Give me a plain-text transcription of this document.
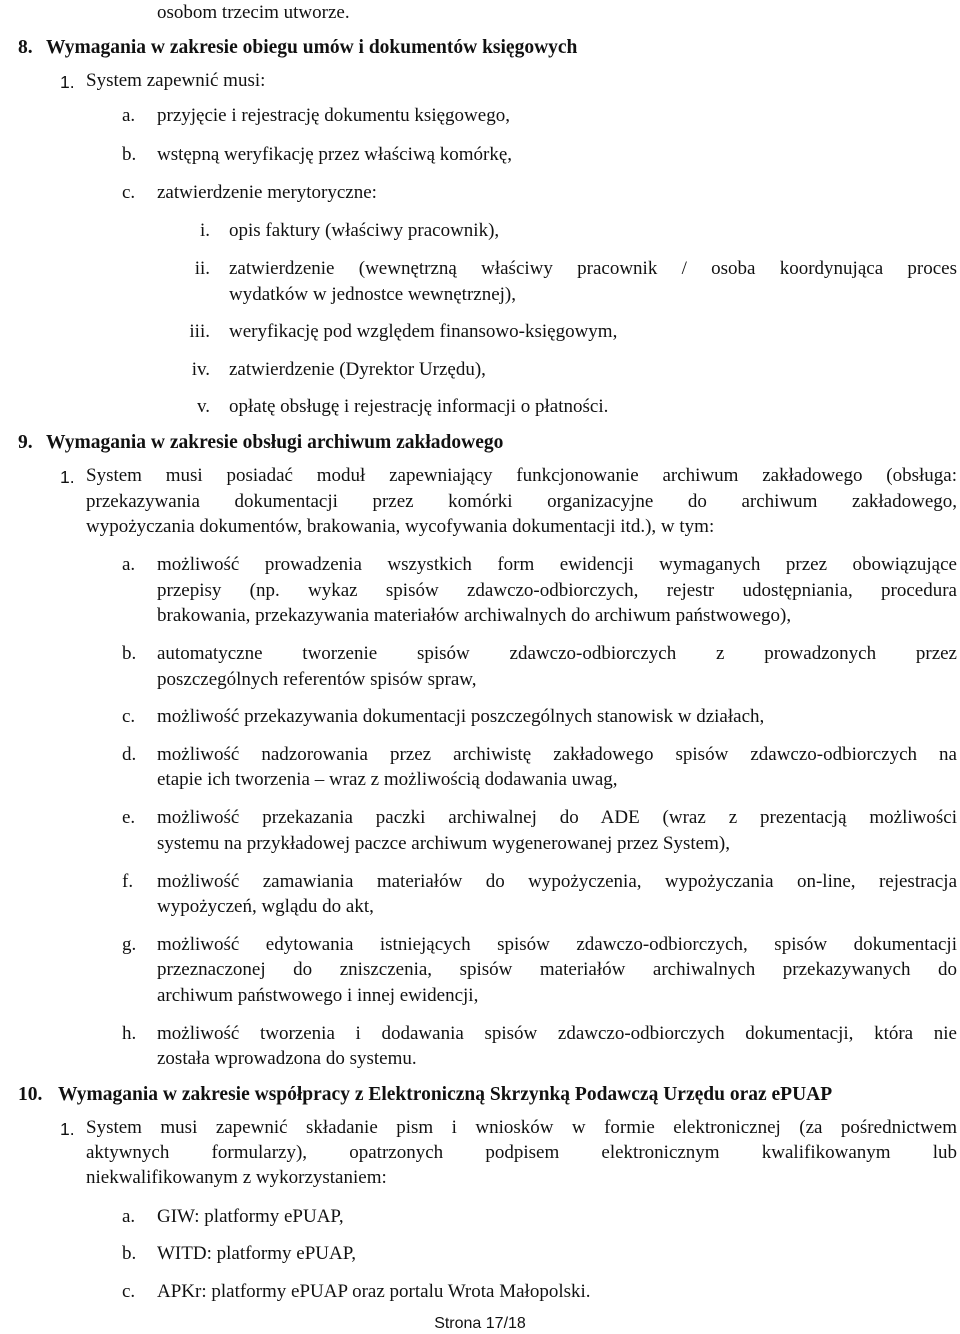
osobom trzecim utworze.
8. Wymagania w zakresie obiegu umów i dokumentów księgowych
1. System zapewnić musi:
a. przyjęcie i rejestrację dokumentu księgowego,
b. wstępną weryfikację przez właściwą komórkę,
c. zatwierdzenie merytoryczne:
i. opis faktury (właściwy pracownik),
ii. zatwierdzenie (wewnętrzną właściwy pracownik / osoba koordynująca proces
wydatków w jednostce wewnętrznej),
iii. weryfikację pod względem finansowo-księgowym,
iv. zatwierdzenie (Dyrektor Urzędu),
v. opłatę obsługę i rejestrację informacji o płatności.
9. Wymagania w zakresie obsługi archiwum zakładowego
1. System musi posiadać moduł zapewniający funkcjonowanie archiwum zakładowego (obsługa:
przekazywania dokumentacji przez komórki organizacyjne do archiwum zakładowego,
wypożyczania dokumentów, brakowania, wycofywania dokumentacji itd.), w tym:
a. możliwość prowadzenia wszystkich form ewidencji wymaganych przez obowiązujące
przepisy (np. wykaz spisów zdawczo-odbiorczych, rejestr udostępniania, procedura
brakowania, przekazywania materiałów archiwalnych do archiwum państwowego),
b. automatyczne tworzenie spisów zdawczo-odbiorczych z prowadzonych przez
poszczególnych referentów spisów spraw,
c. możliwość przekazywania dokumentacji poszczególnych stanowisk w działach,
d. możliwość nadzorowania przez archiwistę zakładowego spisów zdawczo-odbiorczych na
etapie ich tworzenia – wraz z możliwością dodawania uwag,
e. możliwość przekazania paczki archiwalnej do ADE (wraz z prezentacją możliwości
systemu na przykładowej paczce archiwum wygenerowanej przez System),
f. możliwość zamawiania materiałów do wypożyczenia, wypożyczania on-line, rejestracja
wypożyczeń, wglądu do akt,
g. możliwość edytowania istniejących spisów zdawczo-odbiorczych, spisów dokumentacji
przeznaczonej do zniszczenia, spisów materiałów archiwalnych przekazywanych do
archiwum państwowego i innej ewidencji,
h. możliwość tworzenia i dodawania spisów zdawczo-odbiorczych dokumentacji, która nie
została wprowadzona do systemu.
10. Wymagania w zakresie współpracy z Elektroniczną Skrzynką Podawczą Urzędu oraz ePUAP
1. System musi zapewnić składanie pism i wniosków w formie elektronicznej (za pośrednictwem
aktywnych formularzy), opatrzonych podpisem elektronicznym kwalifikowanym lub
niekwalifikowanym z wykorzystaniem:
a. GIW: platformy ePUAP,
b. WITD: platformy ePUAP,
c. APKr: platformy ePUAP oraz portalu Wrota Małopolski.
Strona 17/18
